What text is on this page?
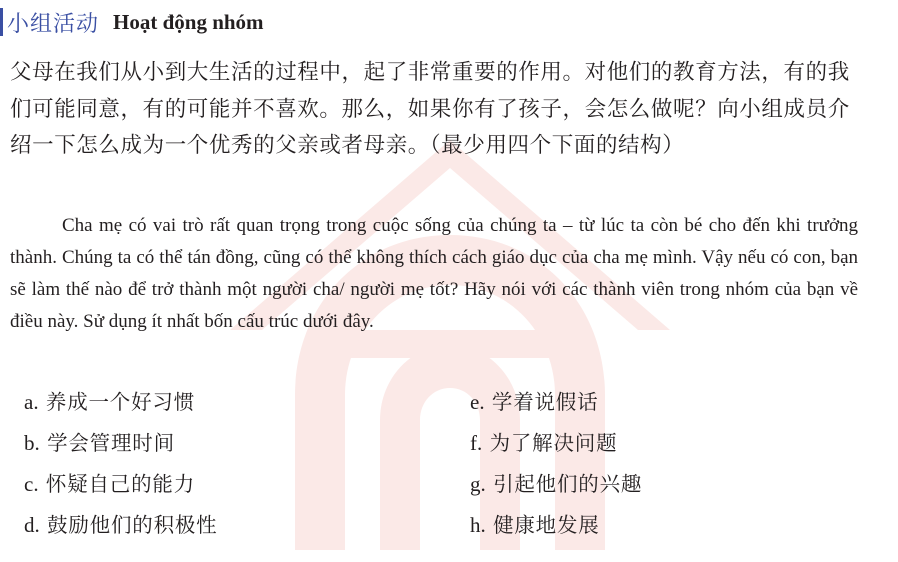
小组活动 Hoạt động nhóm
父母在我们从小到大生活的过程中，起了非常重要的作用。对他们的教育方法，有的我们可能同意，有的可能并不喜欢。那么，如果你有了孩子，会怎么做呢？向小组成员介绍一下怎么成为一个优秀的父亲或者母亲。（最少用四个下面的结构）
Cha mẹ có vai trò rất quan trọng trong cuộc sống của chúng ta – từ lúc ta còn bé cho đến khi trưởng thành. Chúng ta có thể tán đồng, cũng có thể không thích cách giáo dục của cha mẹ mình. Vậy nếu có con, bạn sẽ làm thế nào để trở thành một người cha/ người mẹ tốt? Hãy nói với các thành viên trong nhóm của bạn về điều này. Sử dụng ít nhất bốn cấu trúc dưới đây.
a. 养成一个好习惯
b. 学会管理时间
c. 怀疑自己的能力
d. 鼓励他们的积极性
e. 学着说假话
f. 为了解决问题
g. 引起他们的兴趣
h. 健康地发展
